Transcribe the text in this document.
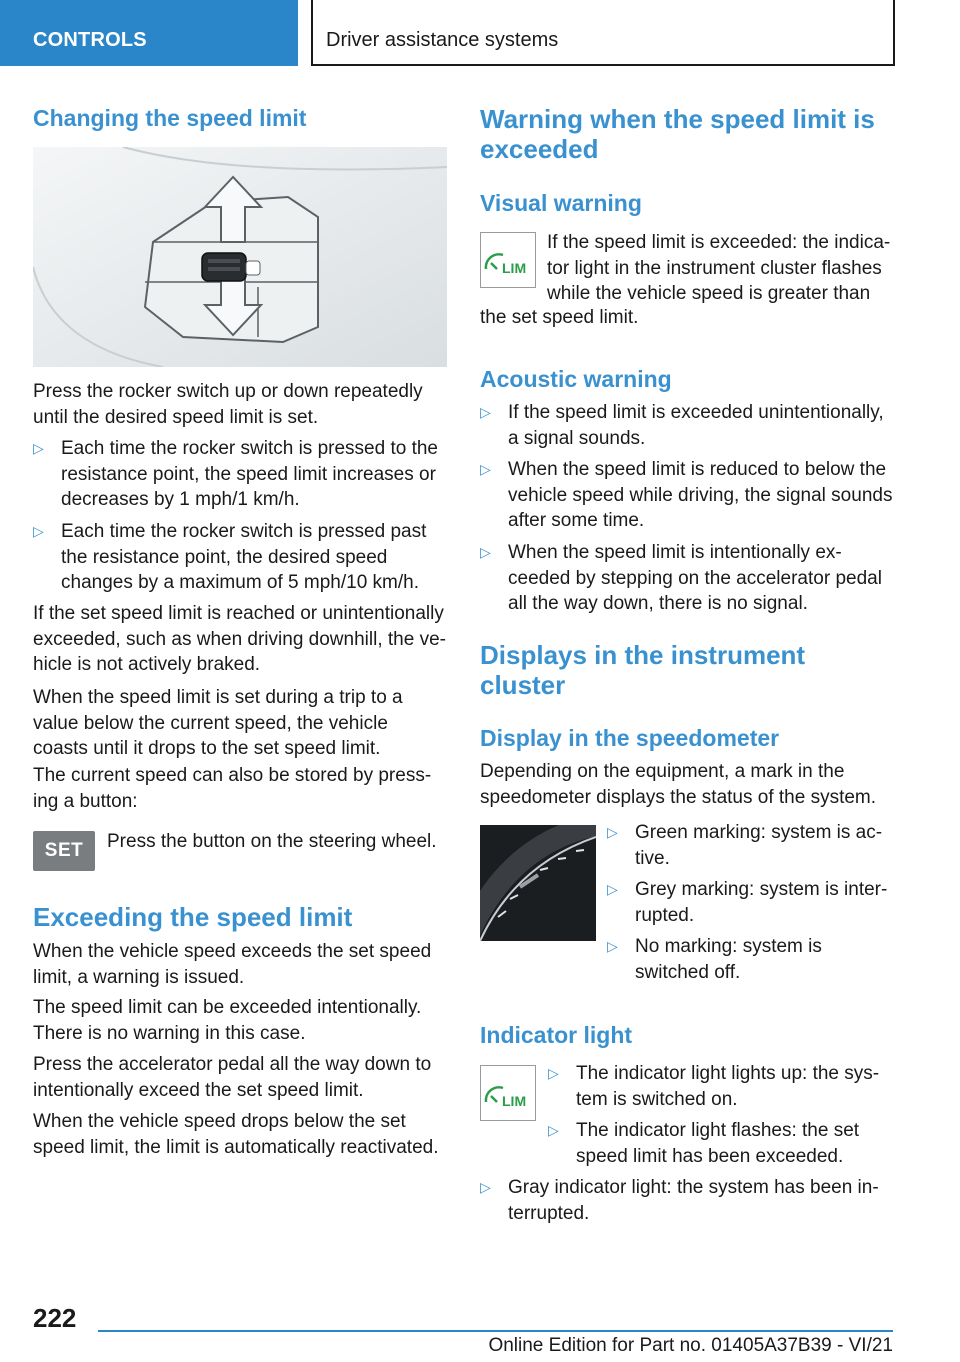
CONTROLS	Driver assistance systems
Changing the speed limit
Press the rocker switch up or down repeatedly until the desired speed limit is set.
▷ Each time the rocker switch is pressed to the resistance point, the speed limit increases or decreases by 1 mph/1 km/h.
▷ Each time the rocker switch is pressed past the resistance point, the desired speed changes by a maximum of 5 mph/10 km/h.
If the set speed limit is reached or unintentionally exceeded, such as when driving downhill, the ve‐hicle is not actively braked.
When the speed limit is set during a trip to a value below the current speed, the vehicle coasts until it drops to the set speed limit.
The current speed can also be stored by press‐ing a button:
SET	Press the button on the steering wheel.
Exceeding the speed limit
When the vehicle speed exceeds the set speed limit, a warning is issued.
The speed limit can be exceeded intentionally. There is no warning in this case.
Press the accelerator pedal all the way down to intentionally exceed the set speed limit.
When the vehicle speed drops below the set speed limit, the limit is automatically reactivated.
Warning when the speed limit is exceeded
Visual warning
LIM
If the speed limit is exceeded: the indica‐tor light in the instrument cluster flashes while the vehicle speed is greater than
the set speed limit.
Acoustic warning
▷ If the speed limit is exceeded unintentionally, a signal sounds.
▷ When the speed limit is reduced to below the vehicle speed while driving, the signal sounds after some time.
▷ When the speed limit is intentionally ex‐ceeded by stepping on the accelerator pedal all the way down, there is no signal.
Displays in the instrument cluster
Display in the speedometer
Depending on the equipment, a mark in the speedometer displays the status of the system.
▷ Green marking: system is ac‐tive.
▷ Grey marking: system is inter‐rupted.
▷ No marking: system is switched off.
Indicator light
LIM
▷ The indicator light lights up: the sys‐tem is switched on.
▷ The indicator light flashes: the set speed limit has been exceeded.
▷ Gray indicator light: the system has been in‐terrupted.
222
Online Edition for Part no. 01405A37B39 - VI/21
